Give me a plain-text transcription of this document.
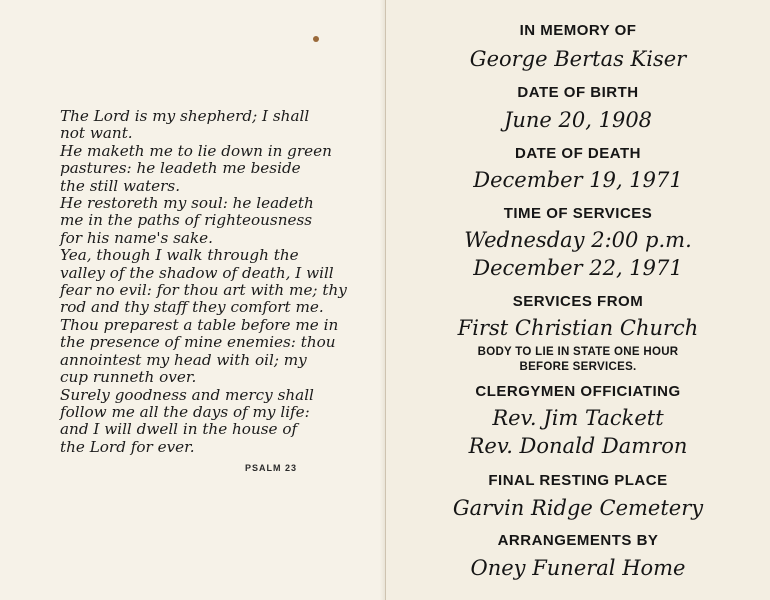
The Lord is my shepherd; I shall
not want.
He maketh me to lie down in green
pastures: he leadeth me beside
the still waters.
He restoreth my soul: he leadeth
me in the paths of righteousness
for his name's sake.
Yea, though I walk through the
valley of the shadow of death, I will
fear no evil: for thou art with me; thy
rod and thy staff they comfort me.
Thou preparest a table before me in
the presence of mine enemies: thou
annointest my head with oil; my
cup runneth over.
Surely goodness and mercy shall
follow me all the days of my life:
and I will dwell in the house of
the Lord for ever.
PSALM 23
IN MEMORY OF
George Bertas Kiser
DATE OF BIRTH
June 20, 1908
DATE OF DEATH
December 19, 1971
TIME OF SERVICES
Wednesday 2:00 p.m.
December 22, 1971
SERVICES FROM
First Christian Church
BODY TO LIE IN STATE ONE HOUR
BEFORE SERVICES.
CLERGYMEN OFFICIATING
Rev. Jim Tackett
Rev. Donald Damron
FINAL RESTING PLACE
Garvin Ridge Cemetery
ARRANGEMENTS BY
Oney Funeral Home
